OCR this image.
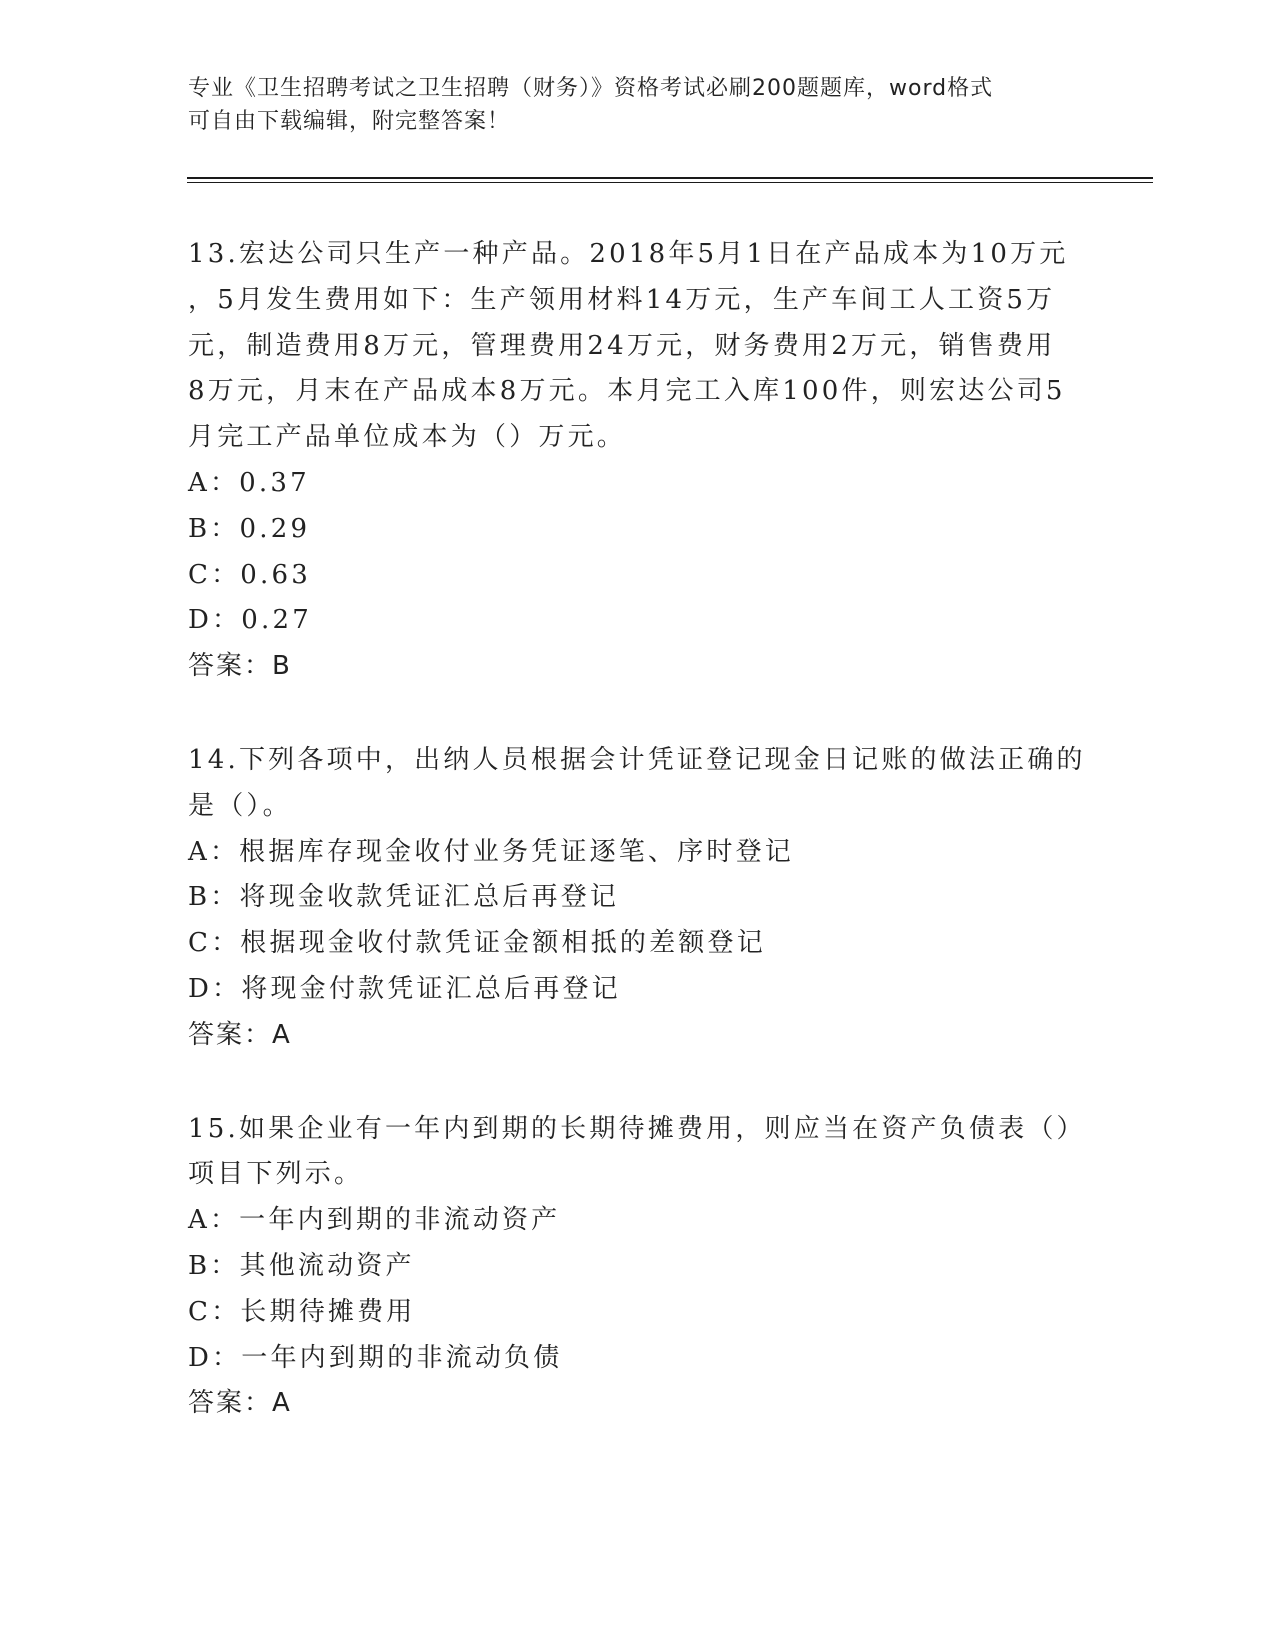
专业《卫生招聘考试之卫生招聘（财务）》资格考试必刷200题题库，word格式
可自由下载编辑，附完整答案！
13.宏达公司只生产一种产品。2018年5月1日在产品成本为10万元
，5月发生费用如下：生产领用材料14万元，生产车间工人工资5万
元，制造费用8万元，管理费用24万元，财务费用2万元，销售费用
8万元，月末在产品成本8万元。本月完工入库100件，则宏达公司5
月完工产品单位成本为（）万元。
A：0.37
B：0.29
C：0.63
D：0.27
答案：B
14.下列各项中，出纳人员根据会计凭证登记现金日记账的做法正确的
是（）。
A：根据库存现金收付业务凭证逐笔、序时登记
B：将现金收款凭证汇总后再登记
C：根据现金收付款凭证金额相抵的差额登记
D：将现金付款凭证汇总后再登记
答案：A
15.如果企业有一年内到期的长期待摊费用，则应当在资产负债表（）
项目下列示。
A：一年内到期的非流动资产
B：其他流动资产
C：长期待摊费用
D：一年内到期的非流动负债
答案：A
